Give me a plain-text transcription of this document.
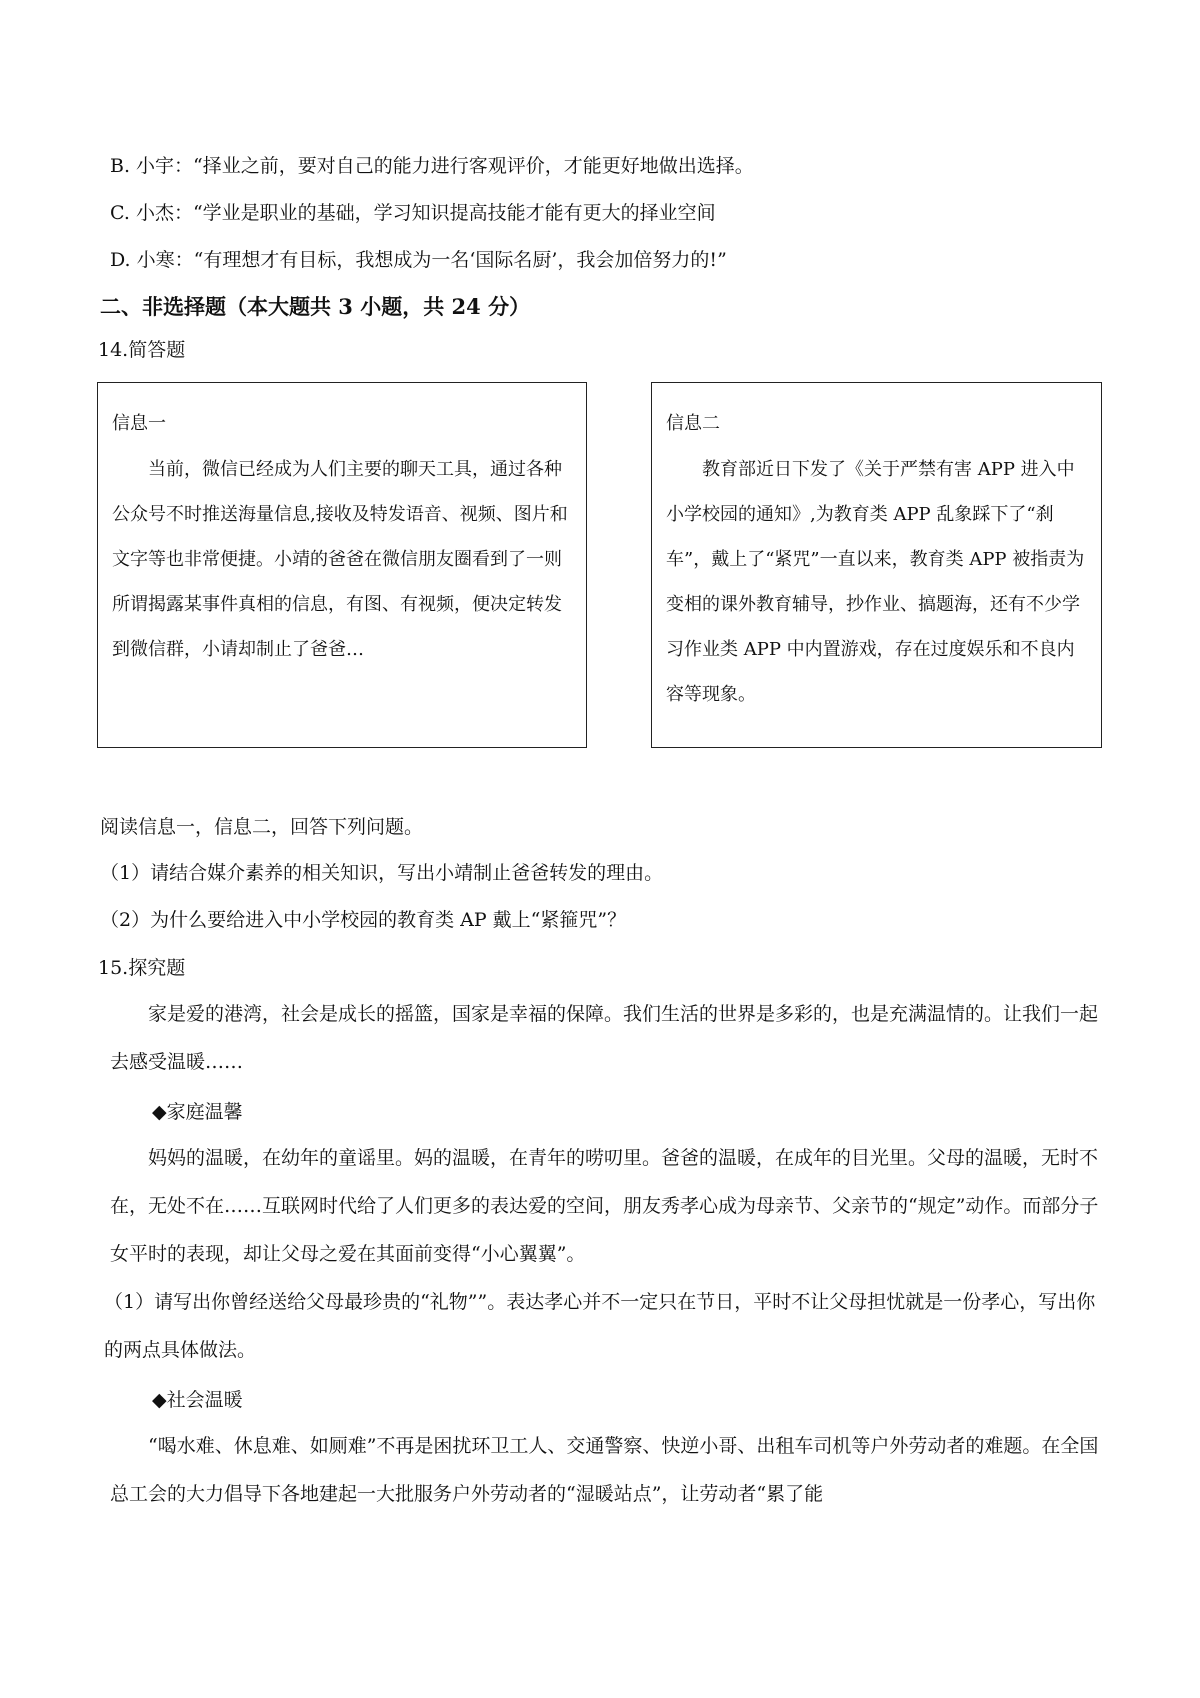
B. 小宇：“择业之前，要对自己的能力进行客观评价，才能更好地做出选择。
C. 小杰：“学业是职业的基础，学习知识提高技能才能有更大的择业空间
D. 小寒：“有理想才有目标，我想成为一名‘国际名厨’，我会加倍努力的!”
二、非选择题（本大题共 3 小题，共 24 分）
14.简答题
信息一
当前，微信已经成为人们主要的聊天工具，通过各种公众号不时推送海量信息,接收及特发语音、视频、图片和文字等也非常便捷。小靖的爸爸在微信朋友圈看到了一则所谓揭露某事件真相的信息，有图、有视频，便决定转发到微信群，小请却制止了爸爸…
信息二
教育部近日下发了《关于严禁有害 APP 进入中小学校园的通知》,为教育类 APP 乱象踩下了“刹车”，戴上了“紧咒”一直以来，教育类 APP 被指责为变相的课外教育辅导，抄作业、搞题海，还有不少学习作业类 APP 中内置游戏，存在过度娱乐和不良内容等现象。
阅读信息一，信息二，回答下列问题。
（1）请结合媒介素养的相关知识，写出小靖制止爸爸转发的理由。
（2）为什么要给进入中小学校园的教育类 AP 戴上“紧箍咒”？
15.探究题
家是爱的港湾，社会是成长的摇篮，国家是幸福的保障。我们生活的世界是多彩的，也是充满温情的。让我们一起去感受温暖……
◆家庭温馨
妈妈的温暖，在幼年的童谣里。妈的温暖，在青年的唠叨里。爸爸的温暖，在成年的目光里。父母的温暖，无时不在，无处不在……互联网时代给了人们更多的表达爱的空间，朋友秀孝心成为母亲节、父亲节的“规定”动作。而部分子女平时的表现，却让父母之爱在其面前变得“小心翼翼”。
（1）请写出你曾经送给父母最珍贵的“礼物””。表达孝心并不一定只在节日，平时不让父母担忧就是一份孝心，写出你的两点具体做法。
◆社会温暖
“喝水难、休息难、如厕难”不再是困扰环卫工人、交通警察、快逆小哥、出租车司机等户外劳动者的难题。在全国总工会的大力倡导下各地建起一大批服务户外劳动者的“湿暖站点”，让劳动者“累了能
